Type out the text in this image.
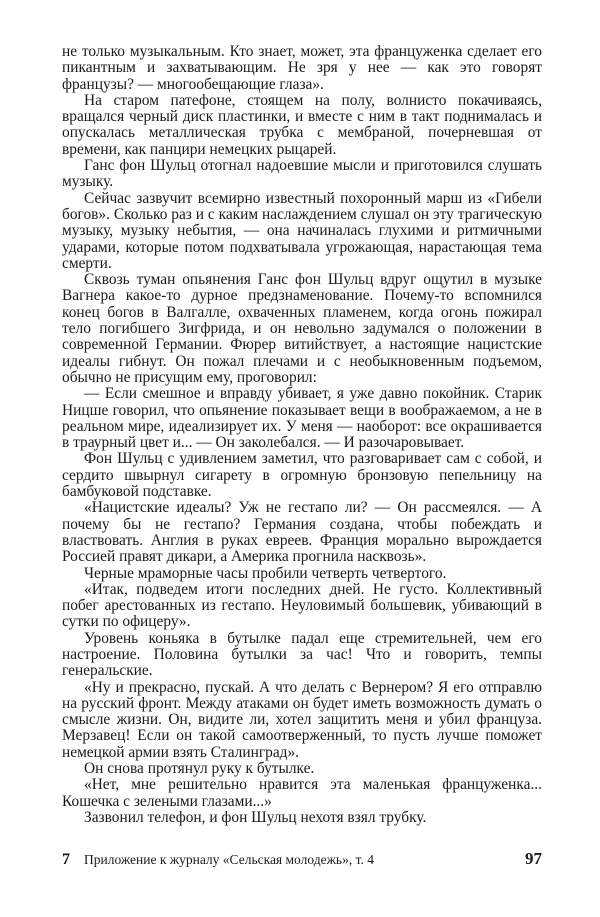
не только музыкальным. Кто знает, может, эта француженка сделает его пикантным и захватывающим. Не зря у нее — как это говорят французы? — многообещающие глаза».

На старом патефоне, стоящем на полу, волнисто покачиваясь, вращался черный диск пластинки, и вместе с ним в такт поднималась и опускалась металлическая трубка с мембраной, почерневшая от времени, как панцири немецких рыцарей.

Ганс фон Шульц отогнал надоевшие мысли и приготовился слушать музыку.

Сейчас зазвучит всемирно известный похоронный марш из «Гибели богов». Сколько раз и с каким наслаждением слушал он эту трагическую музыку, музыку небытия, — она начиналась глухими и ритмичными ударами, которые потом подхватывала угрожающая, нарастающая тема смерти.

Сквозь туман опьянения Ганс фон Шульц вдруг ощутил в музыке Вагнера какое-то дурное предзнаменование. Почему-то вспомнился конец богов в Валгалле, охваченных пламенем, когда огонь пожирал тело погибшего Зигфрида, и он невольно задумался о положении в современной Германии. Фюрер витийствует, а настоящие нацистские идеалы гибнут. Он пожал плечами и с необыкновенным подъемом, обычно не присущим ему, проговорил:

— Если смешное и вправду убивает, я уже давно покойник. Старик Ницше говорил, что опьянение показывает вещи в воображаемом, а не в реальном мире, идеализирует их. У меня — наоборот: все окрашивается в траурный цвет и... — Он заколебался. — И разочаровывает.

Фон Шульц с удивлением заметил, что разговаривает сам с собой, и сердито швырнул сигарету в огромную бронзовую пепельницу на бамбуковой подставке.

«Нацистские идеалы? Уж не гестапо ли? — Он рассмеялся. — А почему бы не гестапо? Германия создана, чтобы побеждать и властвовать. Англия в руках евреев. Франция морально вырождается Россией правят дикари, а Америка прогнила насквозь».

Черные мраморные часы пробили четверть четвертого.

«Итак, подведем итоги последних дней. Не густо. Коллективный побег арестованных из гестапо. Неуловимый большевик, убивающий в сутки по офицеру».

Уровень коньяка в бутылке падал еще стремительней, чем его настроение. Половина бутылки за час! Что и говорить, темпы генеральские.

«Ну и прекрасно, пускай. А что делать с Вернером? Я его отправлю на русский фронт. Между атаками он будет иметь возможность думать о смысле жизни. Он, видите ли, хотел защитить меня и убил француза. Мерзавец! Если он такой самоотверженный, то пусть лучше поможет немецкой армии взять Сталинград».

Он снова протянул руку к бутылке.

«Нет, мне решительно нравится эта маленькая француженка... Кошечка с зелеными глазами...»

Зазвонил телефон, и фон Шульц нехотя взял трубку.

7 Приложение к журналу «Сельская молодежь», т. 4	97
